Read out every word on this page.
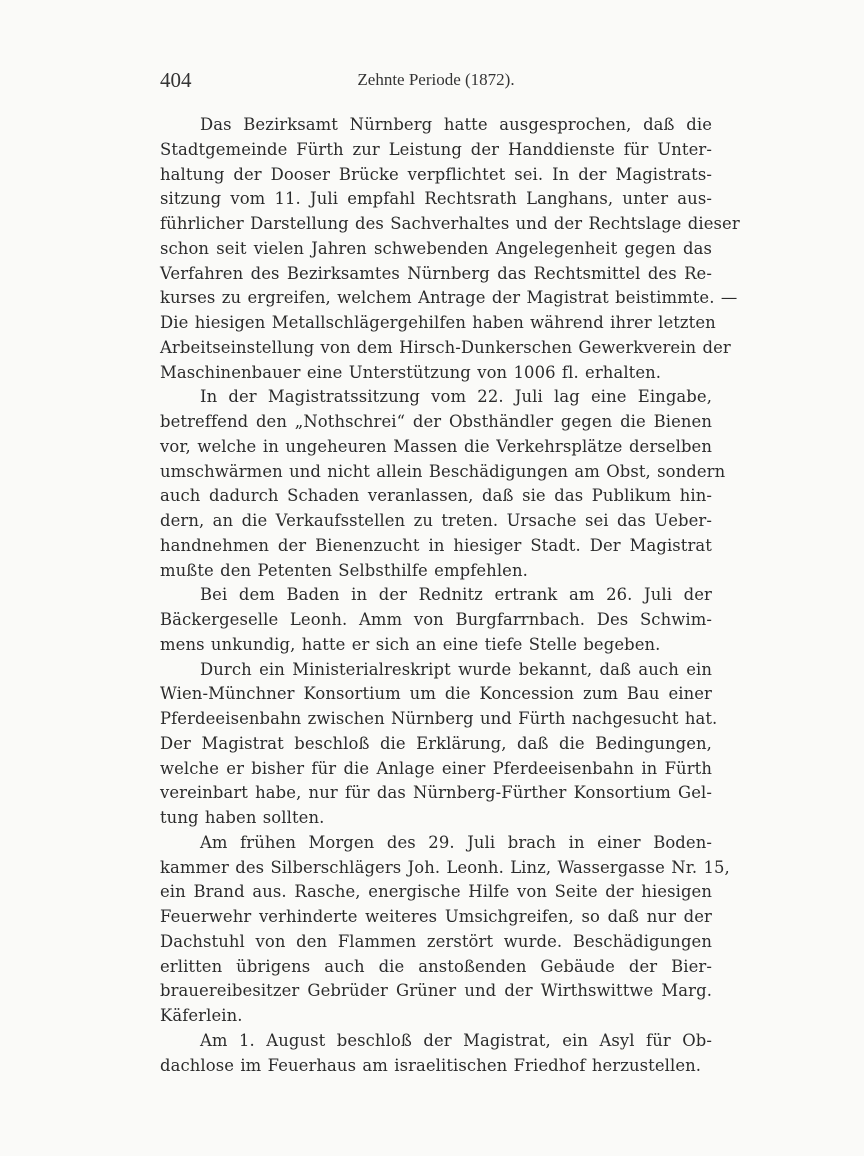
404	Zehnte Periode (1872).
Das Bezirksamt Nürnberg hatte ausgesprochen, daß die
Stadtgemeinde Fürth zur Leistung der Handdienste für Unter-
haltung der Dooser Brücke verpflichtet sei. In der Magistrats-
sitzung vom 11. Juli empfahl Rechtsrath Langhans, unter aus-
führlicher Darstellung des Sachverhaltes und der Rechtslage dieser
schon seit vielen Jahren schwebenden Angelegenheit gegen das
Verfahren des Bezirksamtes Nürnberg das Rechtsmittel des Re-
kurses zu ergreifen, welchem Antrage der Magistrat beistimmte. —
Die hiesigen Metallschlägergehilfen haben während ihrer letzten
Arbeitseinstellung von dem Hirsch-Dunkerschen Gewerkverein der
Maschinenbauer eine Unterstützung von 1006 fl. erhalten.
In der Magistratssitzung vom 22. Juli lag eine Eingabe,
betreffend den „Nothschrei“ der Obsthändler gegen die Bienen
vor, welche in ungeheuren Massen die Verkehrsplätze derselben
umschwärmen und nicht allein Beschädigungen am Obst, sondern
auch dadurch Schaden veranlassen, daß sie das Publikum hin-
dern, an die Verkaufsstellen zu treten. Ursache sei das Ueber-
handnehmen der Bienenzucht in hiesiger Stadt. Der Magistrat
mußte den Petenten Selbsthilfe empfehlen.
Bei dem Baden in der Rednitz ertrank am 26. Juli der
Bäckergeselle Leonh. Amm von Burgfarrnbach. Des Schwim-
mens unkundig, hatte er sich an eine tiefe Stelle begeben.
Durch ein Ministerialreskript wurde bekannt, daß auch ein
Wien-Münchner Konsortium um die Koncession zum Bau einer
Pferdeeisenbahn zwischen Nürnberg und Fürth nachgesucht hat.
Der Magistrat beschloß die Erklärung, daß die Bedingungen,
welche er bisher für die Anlage einer Pferdeeisenbahn in Fürth
vereinbart habe, nur für das Nürnberg-Fürther Konsortium Gel-
tung haben sollten.
Am frühen Morgen des 29. Juli brach in einer Boden-
kammer des Silberschlägers Joh. Leonh. Linz, Wassergasse Nr. 15,
ein Brand aus. Rasche, energische Hilfe von Seite der hiesigen
Feuerwehr verhinderte weiteres Umsichgreifen, so daß nur der
Dachstuhl von den Flammen zerstört wurde. Beschädigungen
erlitten übrigens auch die anstoßenden Gebäude der Bier-
brauereibesitzer Gebrüder Grüner und der Wirthswittwe Marg.
Käferlein.
Am 1. August beschloß der Magistrat, ein Asyl für Ob-
dachlose im Feuerhaus am israelitischen Friedhof herzustellen.
